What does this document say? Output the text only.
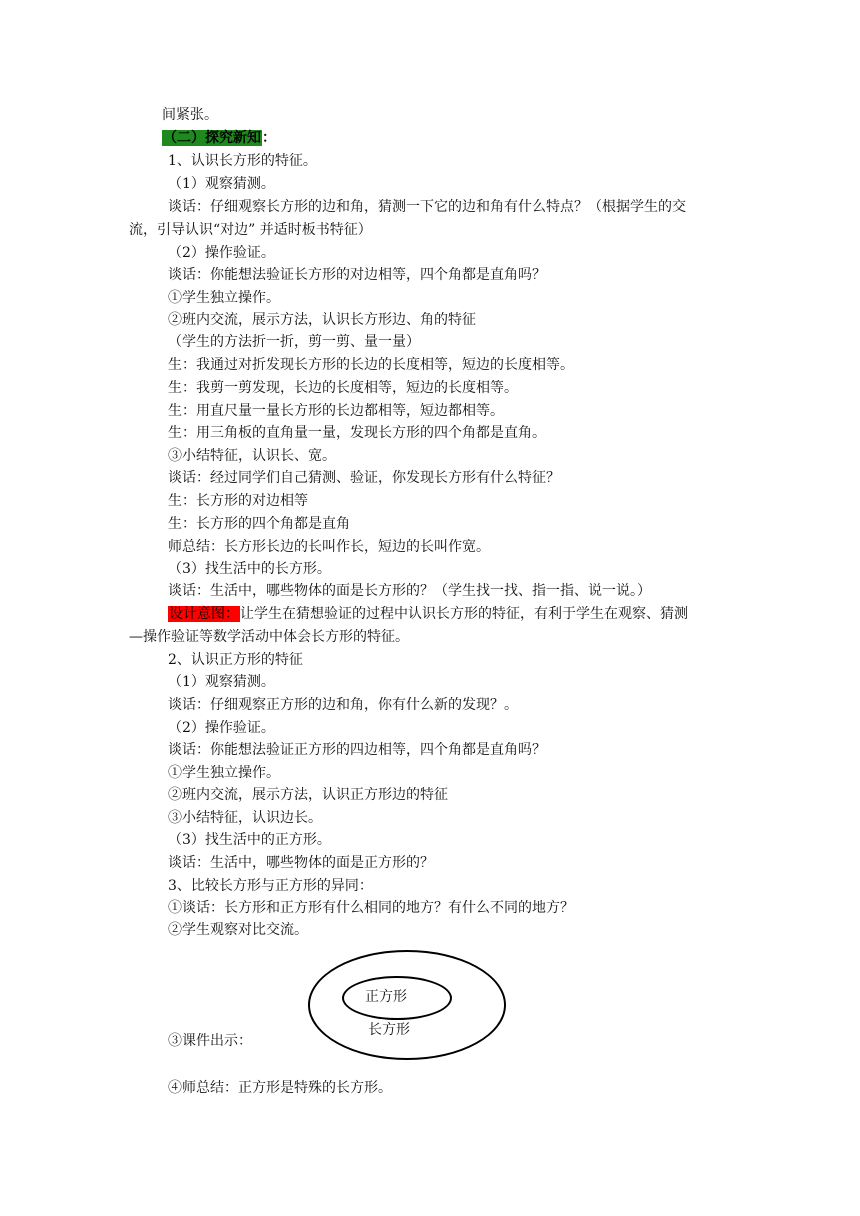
间紧张。
（二）探究新知：
1、认识长方形的特征。
（1）观察猜测。
谈话：仔细观察长方形的边和角，猜测一下它的边和角有什么特点？（根据学生的交
流，引导认识“对边” 并适时板书特征）
（2）操作验证。
谈话：你能想法验证长方形的对边相等，四个角都是直角吗？
①学生独立操作。
②班内交流，展示方法，认识长方形边、角的特征
（学生的方法折一折，剪一剪、量一量）
生：我通过对折发现长方形的长边的长度相等，短边的长度相等。
生：我剪一剪发现，长边的长度相等，短边的长度相等。
生：用直尺量一量长方形的长边都相等，短边都相等。
生：用三角板的直角量一量，发现长方形的四个角都是直角。
③小结特征，认识长、宽。
谈话：经过同学们自己猜测、验证，你发现长方形有什么特征？
生：长方形的对边相等
生：长方形的四个角都是直角
师总结：长方形长边的长叫作长，短边的长叫作宽。
（3）找生活中的长方形。
谈话：生活中，哪些物体的面是长方形的？（学生找一找、指一指、说一说。）
设计意图：让学生在猜想验证的过程中认识长方形的特征，有利于学生在观察、猜测
—操作验证等数学活动中体会长方形的特征。
2、认识正方形的特征
（1）观察猜测。
谈话：仔细观察正方形的边和角，你有什么新的发现？。
（2）操作验证。
谈话：你能想法验证正方形的四边相等，四个角都是直角吗？
①学生独立操作。
②班内交流，展示方法，认识正方形边的特征
③小结特征，认识边长。
（3）找生活中的正方形。
谈话：生活中，哪些物体的面是正方形的？
3、比较长方形与正方形的异同：
①谈话：长方形和正方形有什么相同的地方？有什么不同的地方？
②学生观察对比交流。
正方形
长方形
③课件出示：
④师总结：正方形是特殊的长方形。
